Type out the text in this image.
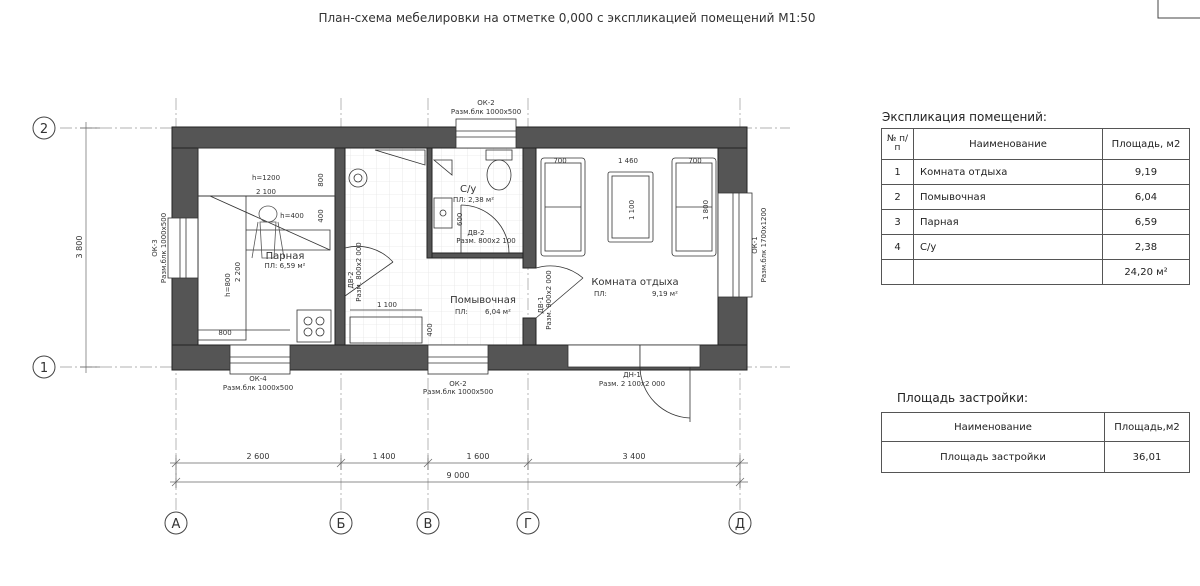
План-схема мебелировки на отметке 0,000 с экспликацией помещений М1:50
А	Б	В	Г	Д
2
1
2 600	1 400	1 600	3 400
9 000
3 800
h=1200
2 100
h=400
h=800
2 200
800
800
400
Парная
ПЛ: 6,59 м²
1 100
400
Помывочная
ПЛ: 6,04 м²
С/у
ПЛ: 2,38 м²
600
700	1 460	700
1 100	1 800
Комната отдыха
ПЛ:	9,19 м²
ОК-2
Разм.блк 1000х500
ОК-4
Разм.блк 1000х500	ОК-2
Разм.блк 1000х500
ОК-3 Разм.блк 1000х500	ОК-1 Разм.блк 1700х1200
ДВ-2
Разм. 800х2 100
ДВ-2 Разм. 800х2 000
ДВ-1 Разм. 900х2 000
ДН-1
Разм. 2 100х2 000
Экспликация помещений:
№ п/п	Наименование	Площадь, м2
1	Комната отдыха	9,19
2	Помывочная	6,04
3	Парная	6,59
4	С/у	2,38
		24,20 м²
Площадь застройки:
Наименование	Площадь,м2
Площадь застройки	36,01
